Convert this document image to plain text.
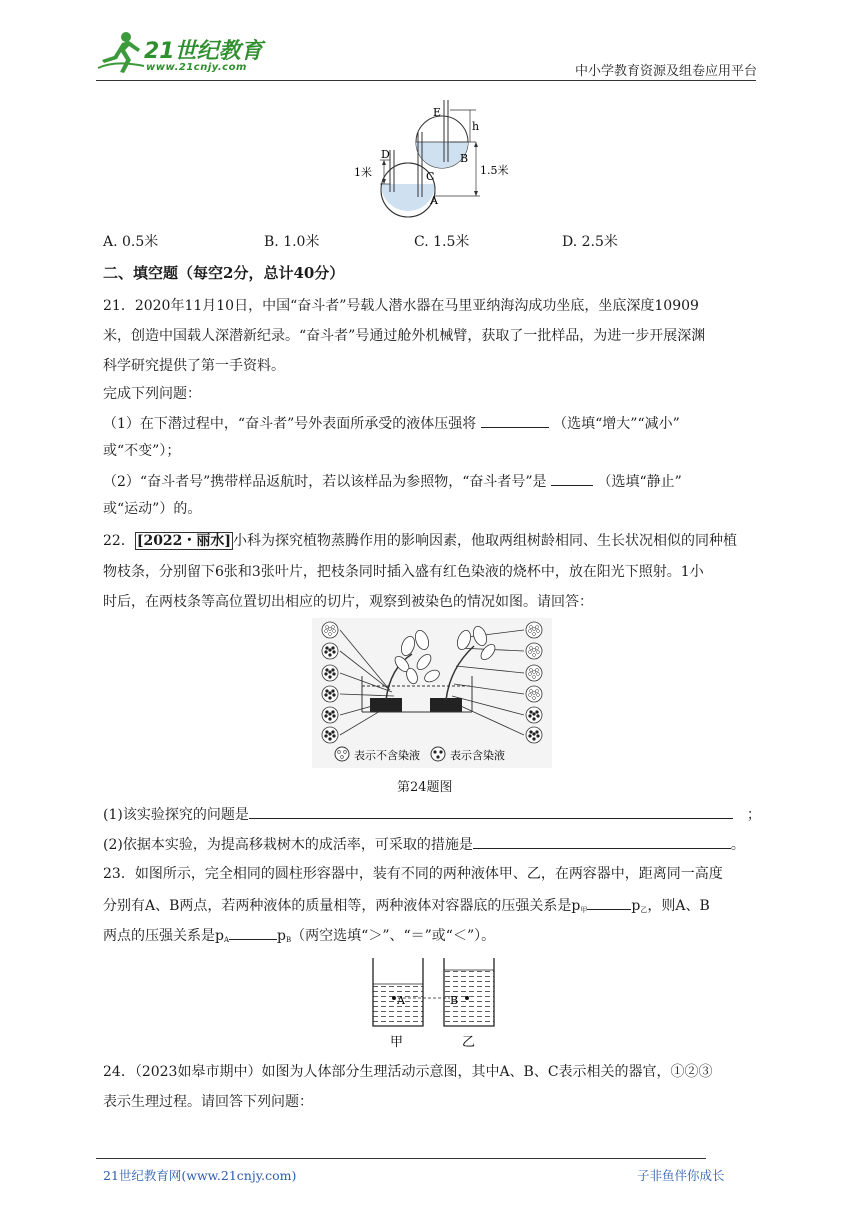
21世纪教育
www.21cnjy.com	中小学教育资源及组卷应用平台
E
h
D
C
B
A
1米	1.5米
A. 0.5米	B. 1.0米	C. 1.5米	D. 2.5米
二、填空题（每空2分，总计40分）
21．2020年11月10日，中国“奋斗者”号载人潜水器在马里亚纳海沟成功坐底，坐底深度10909
米，创造中国载人深潜新纪录。“奋斗者”号通过舱外机械臂，获取了一批样品，为进一步开展深渊
科学研究提供了第一手资料。
完成下列问题：
（1）在下潜过程中，“奋斗者”号外表面所承受的液体压强将	（选填“增大”“减小”
或“不变”）；
（2）“奋斗者号”携带样品返航时，若以该样品为参照物，“奋斗者号”是	（选填“静止”
或“运动”）的。
22． [2022・丽水] 小科为探究植物蒸腾作用的影响因素，他取两组树龄相同、生长状况相似的同种植
物枝条，分别留下6张和3张叶片，把枝条同时插入盛有红色染液的烧杯中，放在阳光下照射。1小
时后，在两枝条等高位置切出相应的切片，观察到被染色的情况如图。请回答：
表示不含染液	表示含染液
第24题图
(1)该实验探究的问题是	；
(2)依据本实验，为提高移栽树木的成活率，可采取的措施是	。
23．如图所示，完全相同的圆柱形容器中，装有不同的两种液体甲、乙，在两容器中，距离同一高度
分别有A、B两点，若两种液体的质量相等，两种液体对容器底的压强关系是$p_甲$	$p_乙$，则A、B
两点的压强关系是$p_A$	$p_B$（两空选填“＞”、“＝”或“＜”）。
A	B
甲	乙
24．（2023如皋市期中）如图为人体部分生理活动示意图，其中A、B、C表示相关的器官，①②③
表示生理过程。请回答下列问题：
21世纪教育网(www.21cnjy.com)	子非鱼伴你成长
